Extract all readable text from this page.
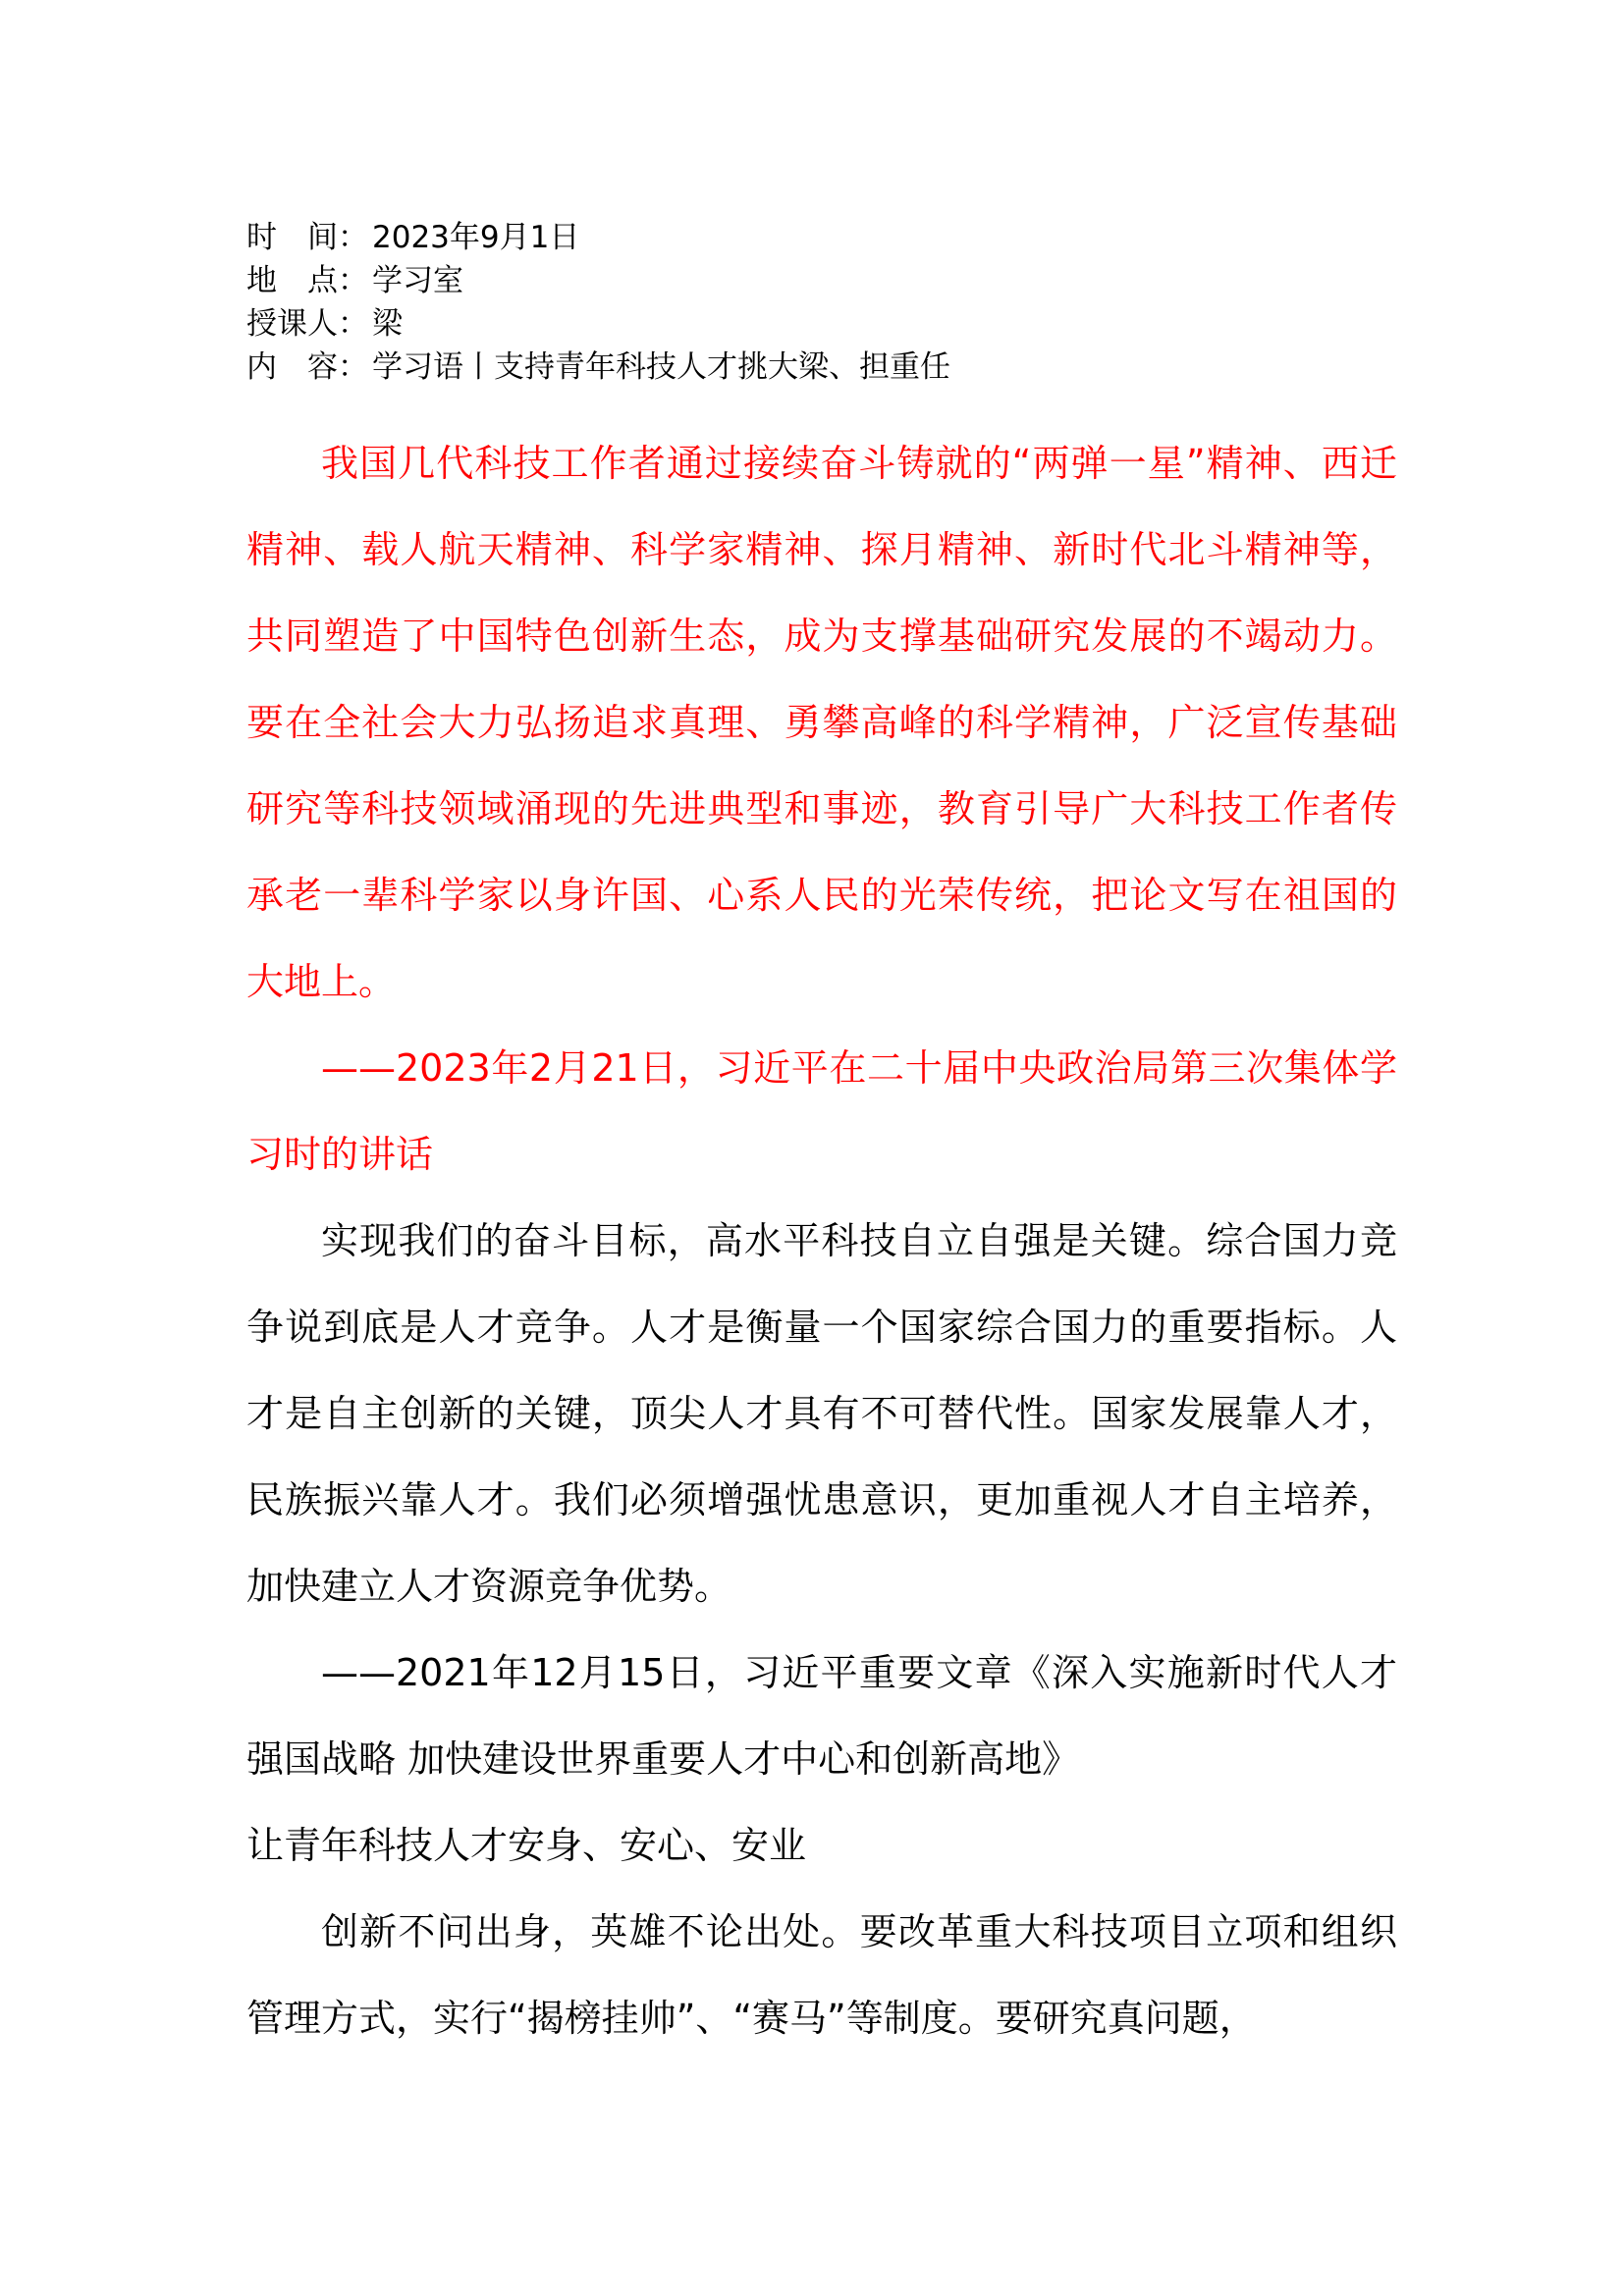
时　间： 2023年9月1日
地　点： 学习室
授课人： 梁
内　容： 学习语丨支持青年科技人才挑大梁、担重任

我国几代科技工作者通过接续奋斗铸就的“两弹一星”精神、西迁精神、载人航天精神、科学家精神、探月精神、新时代北斗精神等，共同塑造了中国特色创新生态，成为支撑基础研究发展的不竭动力。要在全社会大力弘扬追求真理、勇攀高峰的科学精神，广泛宣传基础研究等科技领域涌现的先进典型和事迹，教育引导广大科技工作者传承老一辈科学家以身许国、心系人民的光荣传统，把论文写在祖国的大地上。

——2023年2月21日，习近平在二十届中央政治局第三次集体学习时的讲话

实现我们的奋斗目标，高水平科技自立自强是关键。综合国力竞争说到底是人才竞争。人才是衡量一个国家综合国力的重要指标。人才是自主创新的关键，顶尖人才具有不可替代性。国家发展靠人才，民族振兴靠人才。我们必须增强忧患意识，更加重视人才自主培养，加快建立人才资源竞争优势。

——2021年12月15日，习近平重要文章《深入实施新时代人才强国战略 加快建设世界重要人才中心和创新高地》

让青年科技人才安身、安心、安业

创新不问出身，英雄不论出处。要改革重大科技项目立项和组织管理方式，实行“揭榜挂帅”、“赛马”等制度。要研究真问题，
